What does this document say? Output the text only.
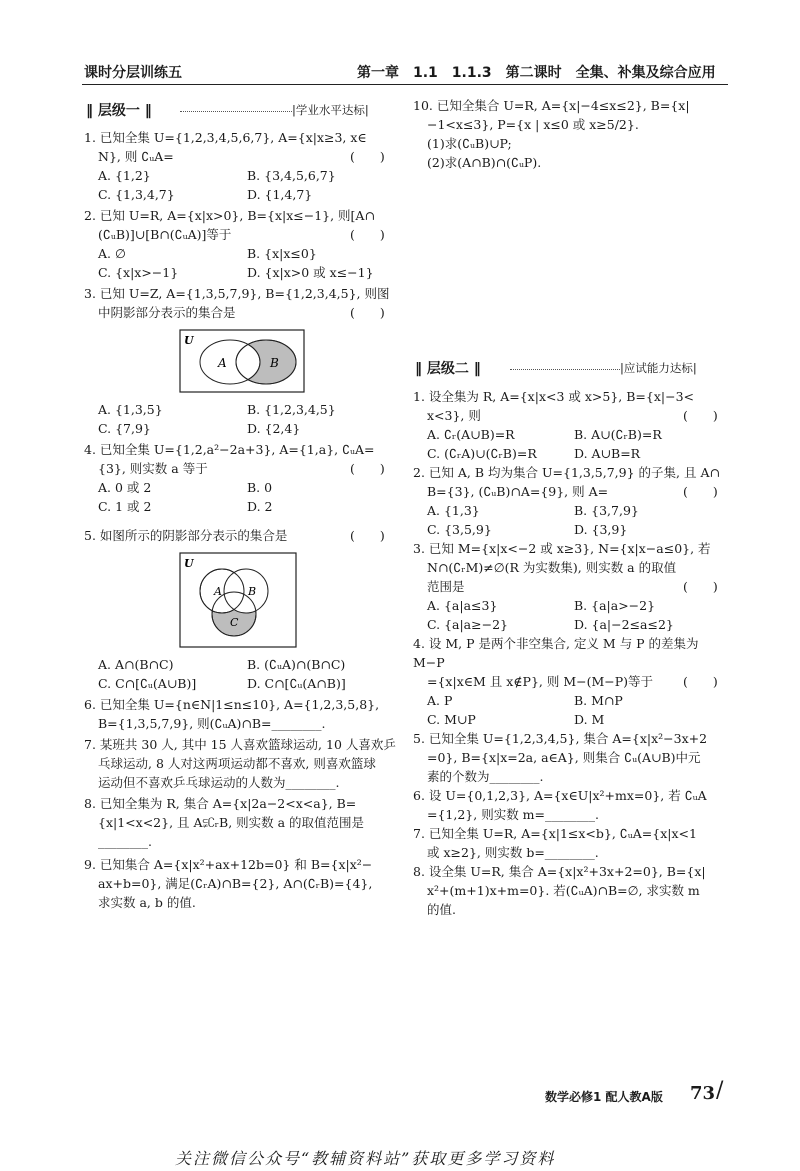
课时分层训练五	第一章　1.1　1.1.3　第二课时　全集、补集及综合应用
‖ 层级一 ‖	|学业水平达标|
1. 已知全集 U={1,2,3,4,5,6,7}, A={x|x≥3, x∈
N}, 则 ∁ᵤA=	(　　)
A. {1,2}	B. {3,4,5,6,7}
C. {1,3,4,7}	D. {1,4,7}
2. 已知 U=R, A={x|x>0}, B={x|x≤−1}, 则[A∩
(∁ᵤB)]∪[B∩(∁ᵤA)]等于	(　　)
A. ∅	B. {x|x≤0}
C. {x|x>−1}	D. {x|x>0 或 x≤−1}
3. 已知 U=Z, A={1,3,5,7,9}, B={1,2,3,4,5}, 则图
中阴影部分表示的集合是	(　　)
U
A	B
A. {1,3,5}	B. {1,2,3,4,5}
C. {7,9}	D. {2,4}
4. 已知全集 U={1,2,a²−2a+3}, A={1,a}, ∁ᵤA=
{3}, 则实数 a 等于	(　　)
A. 0 或 2	B. 0
C. 1 或 2	D. 2
5. 如图所示的阴影部分表示的集合是	(　　)
U
A B
C
A. A∩(B∩C)	B. (∁ᵤA)∩(B∩C)
C. C∩[∁ᵤ(A∪B)]	D. C∩[∁ᵤ(A∩B)]
6. 已知全集 U={n∈N|1≤n≤10}, A={1,2,3,5,8},
B={1,3,5,7,9}, 则(∁ᵤA)∩B=________.
7. 某班共 30 人, 其中 15 人喜欢篮球运动, 10 人喜欢乒
乓球运动, 8 人对这两项运动都不喜欢, 则喜欢篮球
运动但不喜欢乒乓球运动的人数为________.
8. 已知全集为 R, 集合 A={x|2a−2<x<a}, B=
{x|1<x<2}, 且 A⫋∁ᵣB, 则实数 a 的取值范围是
________.
9. 已知集合 A={x|x²+ax+12b=0} 和 B={x|x²−
ax+b=0}, 满足(∁ᵣA)∩B={2}, A∩(∁ᵣB)={4},
求实数 a, b 的值.
10. 已知全集合 U=R, A={x|−4≤x≤2}, B={x|
−1<x≤3}, P={x | x≤0 或 x≥5/2}.
(1)求(∁ᵤB)∪P;
(2)求(A∩B)∩(∁ᵤP).
‖ 层级二 ‖	|应试能力达标|
1. 设全集为 R, A={x|x<3 或 x>5}, B={x|−3<
x<3}, 则	(　　)
A. ∁ᵣ(A∪B)=R	B. A∪(∁ᵣB)=R
C. (∁ᵣA)∪(∁ᵣB)=R	D. A∪B=R
2. 已知 A, B 均为集合 U={1,3,5,7,9} 的子集, 且 A∩
B={3}, (∁ᵤB)∩A={9}, 则 A=	(　　)
A. {1,3}	B. {3,7,9}
C. {3,5,9}	D. {3,9}
3. 已知 M={x|x<−2 或 x≥3}, N={x|x−a≤0}, 若
N∩(∁ᵣM)≠∅(R 为实数集), 则实数 a 的取值
范围是	(　　)
A. {a|a≤3}	B. {a|a>−2}
C. {a|a≥−2}	D. {a|−2≤a≤2}
4. 设 M, P 是两个非空集合, 定义 M 与 P 的差集为 M−P
={x|x∈M 且 x∉P}, 则 M−(M−P)等于 (　　)
A. P	B. M∩P
C. M∪P	D. M
5. 已知全集 U={1,2,3,4,5}, 集合 A={x|x²−3x+2
=0}, B={x|x=2a, a∈A}, 则集合 ∁ᵤ(A∪B)中元
素的个数为________.
6. 设 U={0,1,2,3}, A={x∈U|x²+mx=0}, 若 ∁ᵤA
={1,2}, 则实数 m=________.
7. 已知全集 U=R, A={x|1≤x<b}, ∁ᵤA={x|x<1
或 x≥2}, 则实数 b=________.
8. 设全集 U=R, 集合 A={x|x²+3x+2=0}, B={x|
x²+(m+1)x+m=0}. 若(∁ᵤA)∩B=∅, 求实数 m
的值.
数学必修1 配人教A版 73 /
关注微信公众号“教辅资料站”获取更多学习资料
